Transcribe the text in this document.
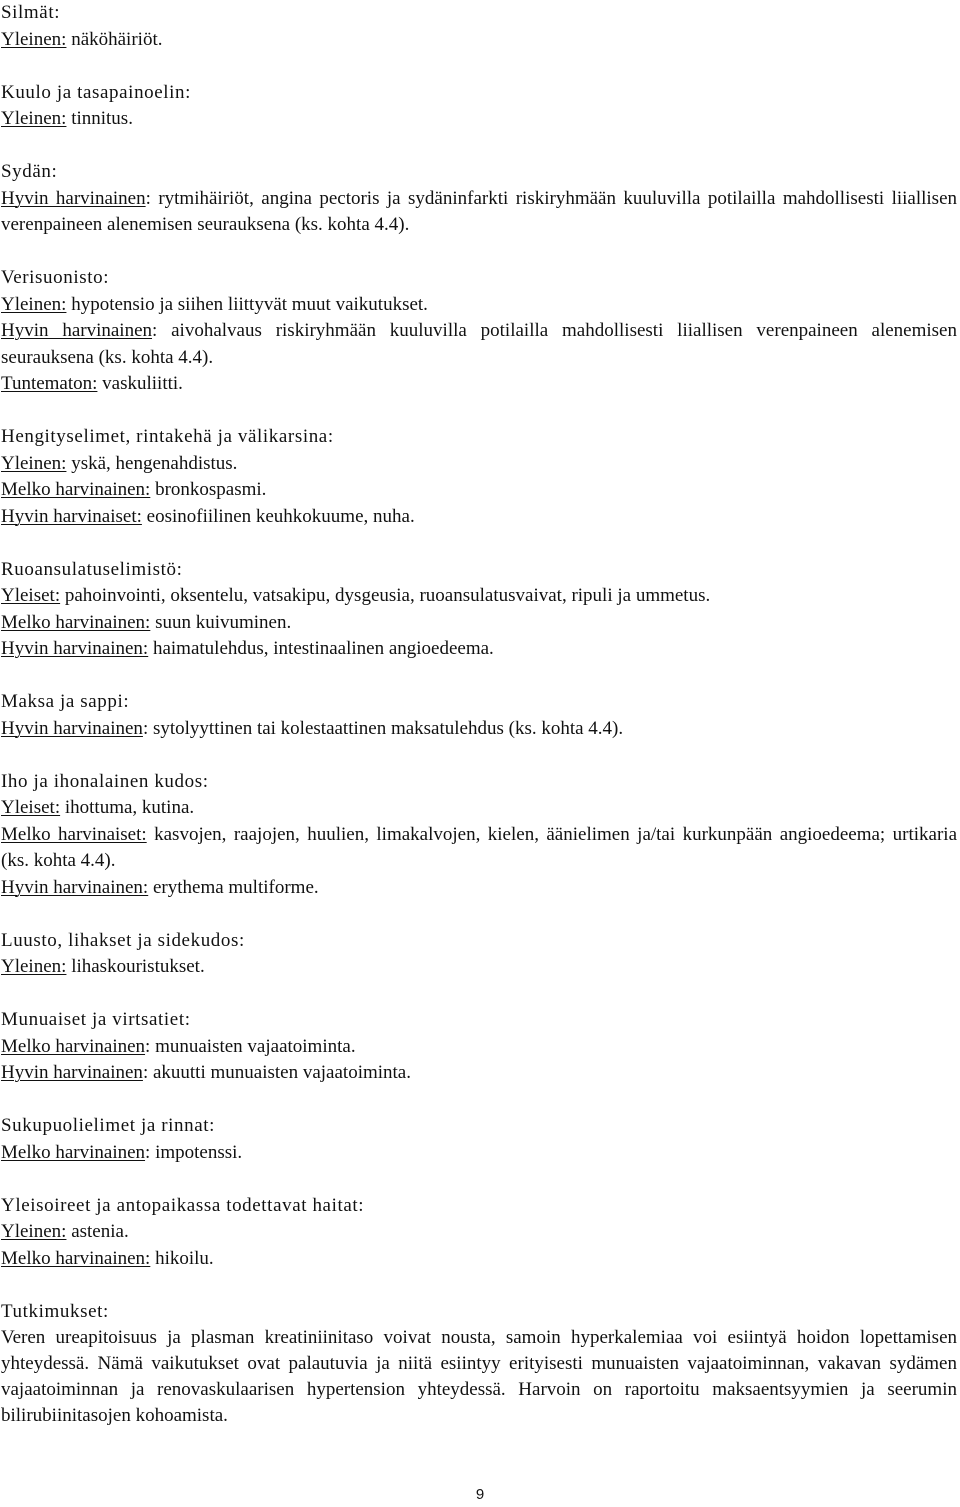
Silmät:
Yleinen: näköhäiriöt.
Kuulo ja tasapainoelin:
Yleinen: tinnitus.
Sydän:
Hyvin harvinainen: rytmihäiriöt, angina pectoris ja sydäninfarkti riskiryhmään kuuluvilla potilailla mahdollisesti liiallisen verenpaineen alenemisen seurauksena (ks. kohta 4.4).
Verisuonisto:
Yleinen: hypotensio ja siihen liittyvät muut vaikutukset.
Hyvin harvinainen: aivohalvaus riskiryhmään kuuluvilla potilailla mahdollisesti liiallisen verenpaineen alenemisen seurauksena (ks. kohta 4.4).
Tuntematon: vaskuliitti.
Hengityselimet, rintakehä ja välikarsina:
Yleinen: yskä, hengenahdistus.
Melko harvinainen: bronkospasmi.
Hyvin harvinaiset: eosinofiilinen keuhkokuume, nuha.
Ruoansulatuselimistö:
Yleiset: pahoinvointi, oksentelu, vatsakipu, dysgeusia, ruoansulatusvaivat, ripuli ja ummetus.
Melko harvinainen: suun kuivuminen.
Hyvin harvinainen: haimatulehdus, intestinaalinen angioedeema.
Maksa ja sappi:
Hyvin harvinainen: sytolyyttinen tai kolestaattinen maksatulehdus (ks. kohta 4.4).
Iho ja ihonalainen kudos:
Yleiset: ihottuma, kutina.
Melko harvinaiset: kasvojen, raajojen, huulien, limakalvojen, kielen, äänielimen ja/tai kurkunpään angioedeema; urtikaria (ks. kohta 4.4).
Hyvin harvinainen: erythema multiforme.
Luusto, lihakset ja sidekudos:
Yleinen: lihaskouristukset.
Munuaiset ja virtsatiet:
Melko harvinainen: munuaisten vajaatoiminta.
Hyvin harvinainen: akuutti munuaisten vajaatoiminta.
Sukupuolielimet ja rinnat:
Melko harvinainen: impotenssi.
Yleisoireet ja antopaikassa todettavat haitat:
Yleinen: astenia.
Melko harvinainen: hikoilu.
Tutkimukset:
Veren ureapitoisuus ja plasman kreatiniinitaso voivat nousta, samoin hyperkalemiaa voi esiintyä hoidon lopettamisen yhteydessä. Nämä vaikutukset ovat palautuvia ja niitä esiintyy erityisesti munuaisten vajaatoiminnan, vakavan sydämen vajaatoiminnan ja renovaskulaarisen hypertension yhteydessä. Harvoin on raportoitu maksaentsyymien ja seerumin bilirubiinitasojen kohoamista.
9
